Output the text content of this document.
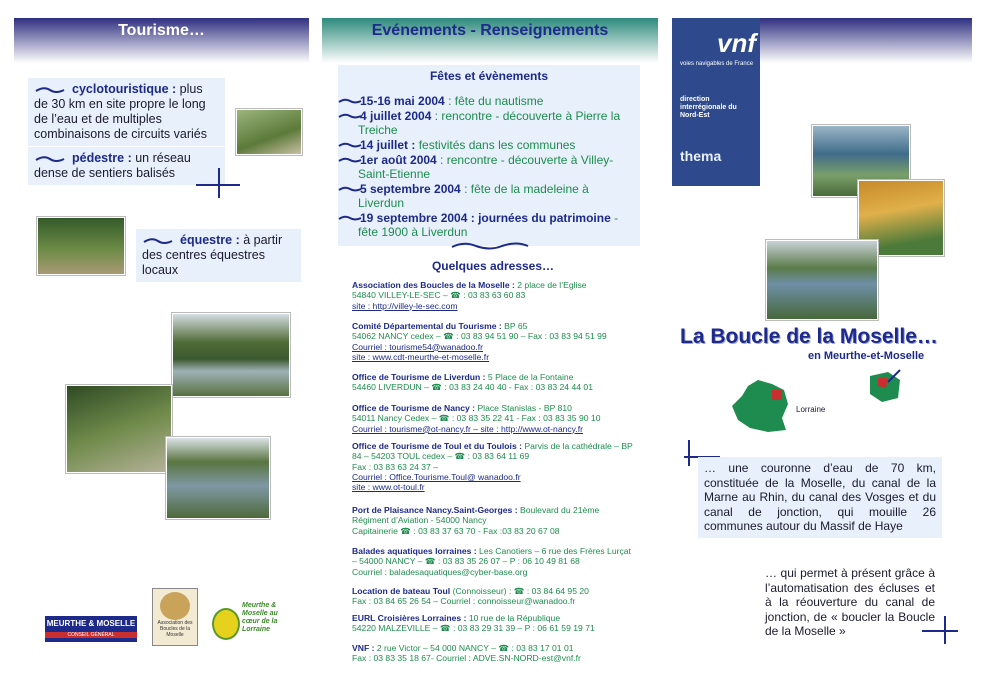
Tourisme…
cyclotouristique : plus de 30 km en site propre le long de l’eau et de multiples combinaisons de circuits variés
pédestre : un réseau dense de sentiers balisés
équestre : à partir des centres équestres locaux
MEURTHE & MOSELLE
CONSEIL GÉNÉRAL
Association des Boucles de la Moselle
Meurthe & Moselle au cœur de la Lorraine
Evénements - Renseignements
Fêtes et évènements
15-16 mai 2004 : fête du nautisme
4 juillet 2004 : rencontre - découverte à Pierre la Treiche
14 juillet : festivités dans les communes
1er août 2004 : rencontre - découverte à Villey-Saint-Etienne
5 septembre 2004 : fête de la madeleine à Liverdun
19 septembre 2004 : journées du patrimoine - fête 1900 à Liverdun
Quelques adresses…
Association des Boucles de la Moselle : 2 place de l’Eglise
54840 VILLEY-LE-SEC – ☎ : 03 83 63 60 83
site : http://villey-le-sec.com
Comité Départemental du Tourisme : BP 65
54062 NANCY cedex – ☎ : 03 83 94 51 90 – Fax : 03 83 94 51 99
Courriel : tourisme54@wanadoo.fr
site : www.cdt-meurthe-et-moselle.fr
Office de Tourisme de Liverdun : 5 Place de la Fontaine
54460 LIVERDUN – ☎ : 03 83 24 40 40 - Fax : 03 83 24 44 01
Office de Tourisme de Nancy : Place Stanislas - BP 810
54011 Nancy Cedex – ☎ : 03 83 35 22 41 - Fax : 03 83 35 90 10
Courriel : tourisme@ot-nancy.fr – site : http://www.ot-nancy.fr
Office de Tourisme de Toul et du Toulois : Parvis de la cathédrale – BP 84 – 54203 TOUL cedex – ☎ : 03 83 64 11 69
Fax : 03 83 63 24 37 –
Courriel : Office.Tourisme.Toul@ wanadoo.fr
site : www.ot-toul.fr
Port de Plaisance Nancy.Saint-Georges : Boulevard du 21ème Régiment d’Aviation - 54000 Nancy
Capitainerie ☎ : 03 83 37 63 70 - Fax :03 83 20 67 08
Balades aquatiques lorraines : Les Canotiers – 6 rue des Frères Lurçat – 54000 NANCY – ☎ : 03 83 35 26 07 – P : 06 10 49 81 68
Courriel : baladesaquatiques@cyber-base.org
Location de bateau Toul (Connoisseur) : ☎ : 03 84 64 95 20
Fax : 03 84 65 26 54 – Courriel : connoisseur@wanadoo.fr
EURL Croisières Lorraines : 10 rue de la République
54220 MALZEVILLE – ☎ : 03 83 29 31 39 – P : 06 61 59 19 71
VNF : 2 rue Victor – 54 000 NANCY – ☎ : 03 83 17 01 01
Fax : 03 83 35 18 67- Courriel : ADVE.SN-NORD-est@vnf.fr
vnf
voies navigables de France
direction interrégionale du Nord-Est
thema
La Boucle de la Moselle…
en Meurthe-et-Moselle
Lorraine
… une couronne d’eau de 70 km, constituée de la Moselle, du canal de la Marne au Rhin, du canal des Vosges et du canal de jonction, qui mouille 26 communes autour du Massif de Haye
… qui permet à présent grâce à l’automatisation des écluses et à la réouverture du canal de jonction, de « boucler la Boucle de la Moselle »
